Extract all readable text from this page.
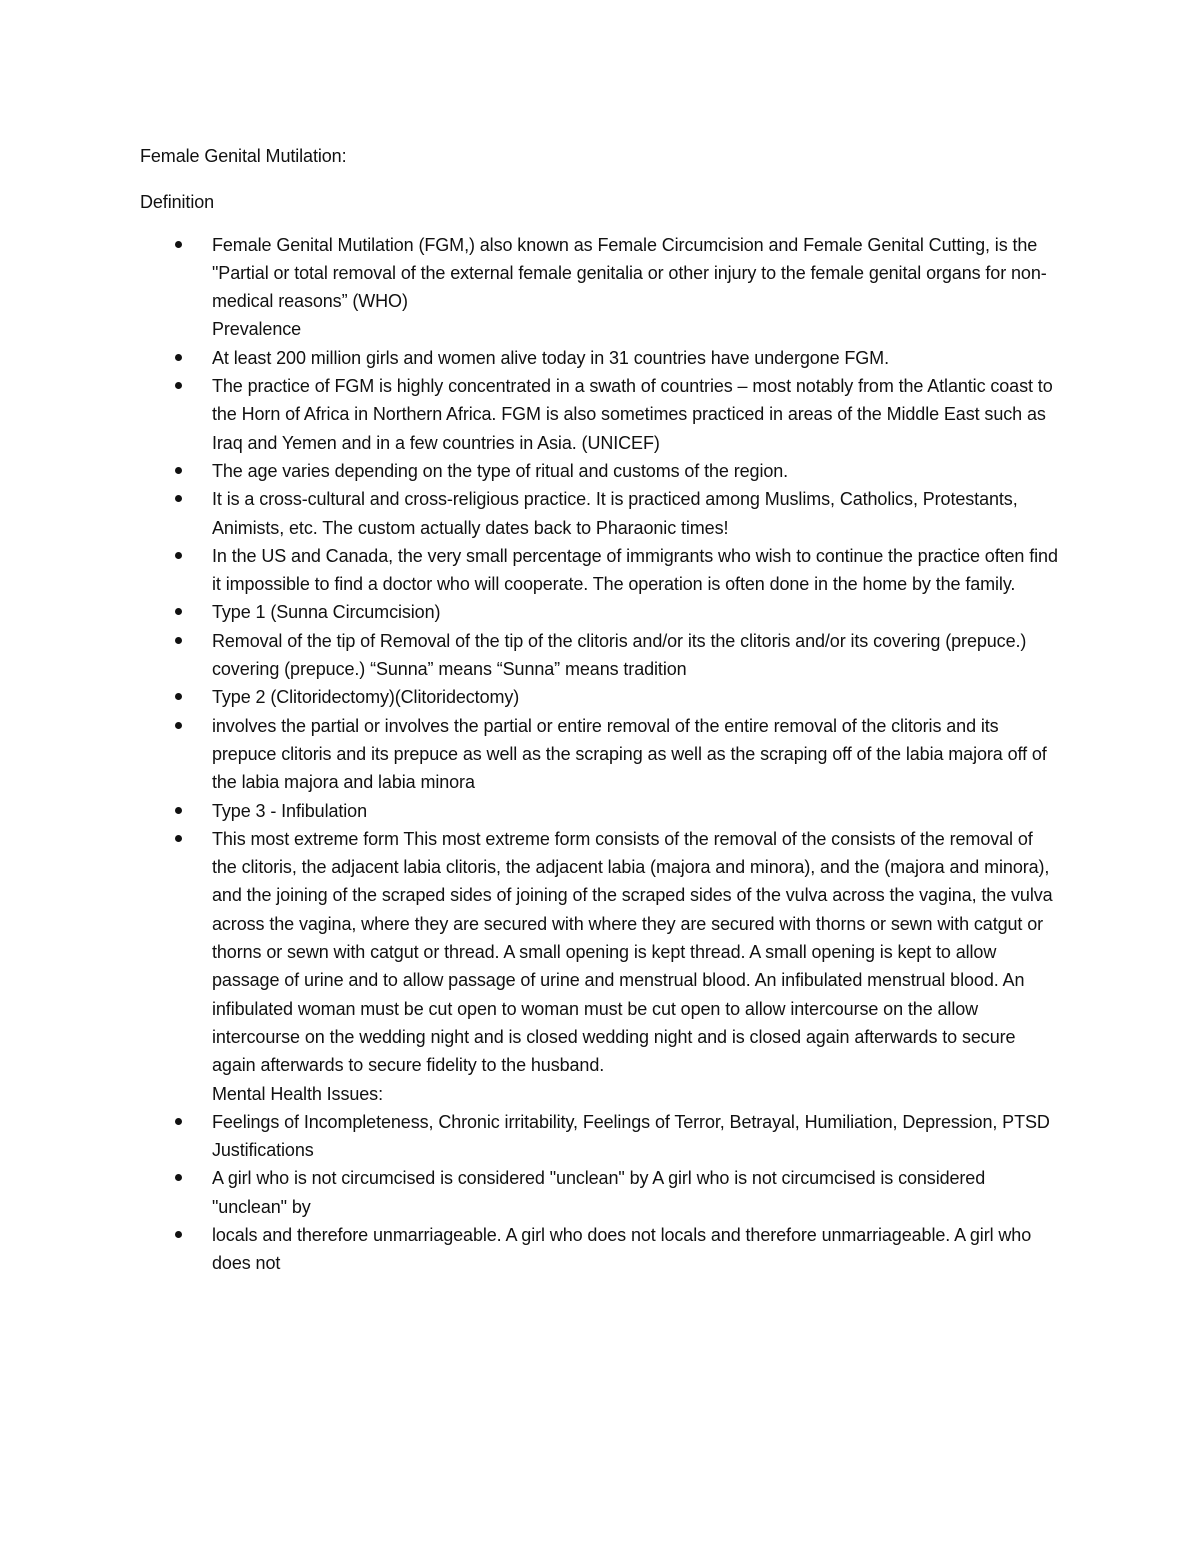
Female Genital Mutilation:

Definition

Female Genital Mutilation (FGM,) also known as Female Circumcision and Female Genital Cutting, is the "Partial or total removal of the external female genitalia or other injury to the female genital organs for non-medical reasons” (WHO)
Prevalence
At least 200 million girls and women alive today in 31 countries have undergone FGM.
The practice of FGM is highly concentrated in a swath of countries – most notably from the Atlantic coast to the Horn of Africa in Northern Africa. FGM is also sometimes practiced in areas of the Middle East such as Iraq and Yemen and in a few countries in Asia. (UNICEF)
The age varies depending on the type of ritual and customs of the region.
It is a cross-cultural and cross-religious practice. It is practiced among Muslims, Catholics, Protestants, Animists, etc. The custom actually dates back to Pharaonic times!
In the US and Canada, the very small percentage of immigrants who wish to continue the practice often find it impossible to find a doctor who will cooperate. The operation is often done in the home by the family.
Type 1 (Sunna Circumcision)
Removal of the tip of Removal of the tip of the clitoris and/or its the clitoris and/or its covering (prepuce.) covering (prepuce.) “Sunna” means “Sunna” means tradition
Type 2 (Clitoridectomy)(Clitoridectomy)
involves the partial or involves the partial or entire removal of the entire removal of the clitoris and its prepuce clitoris and its prepuce as well as the scraping as well as the scraping off of the labia majora off of the labia majora and labia minora
Type 3 - Infibulation
This most extreme form This most extreme form consists of the removal of the consists of the removal of the clitoris, the adjacent labia clitoris, the adjacent labia (majora and minora), and the (majora and minora), and the joining of the scraped sides of joining of the scraped sides of the vulva across the vagina, the vulva across the vagina, where they are secured with where they are secured with thorns or sewn with catgut or thorns or sewn with catgut or thread. A small opening is kept thread. A small opening is kept to allow passage of urine and to allow passage of urine and menstrual blood. An infibulated menstrual blood. An infibulated woman must be cut open to woman must be cut open to allow intercourse on the allow intercourse on the wedding night and is closed wedding night and is closed again afterwards to secure again afterwards to secure fidelity to the husband.
Mental Health Issues:
Feelings of Incompleteness, Chronic irritability, Feelings of Terror, Betrayal, Humiliation, Depression, PTSD
Justifications
A girl who is not circumcised is considered "unclean" by A girl who is not circumcised is considered "unclean" by
locals and therefore unmarriageable. A girl who does not locals and therefore unmarriageable. A girl who does not
